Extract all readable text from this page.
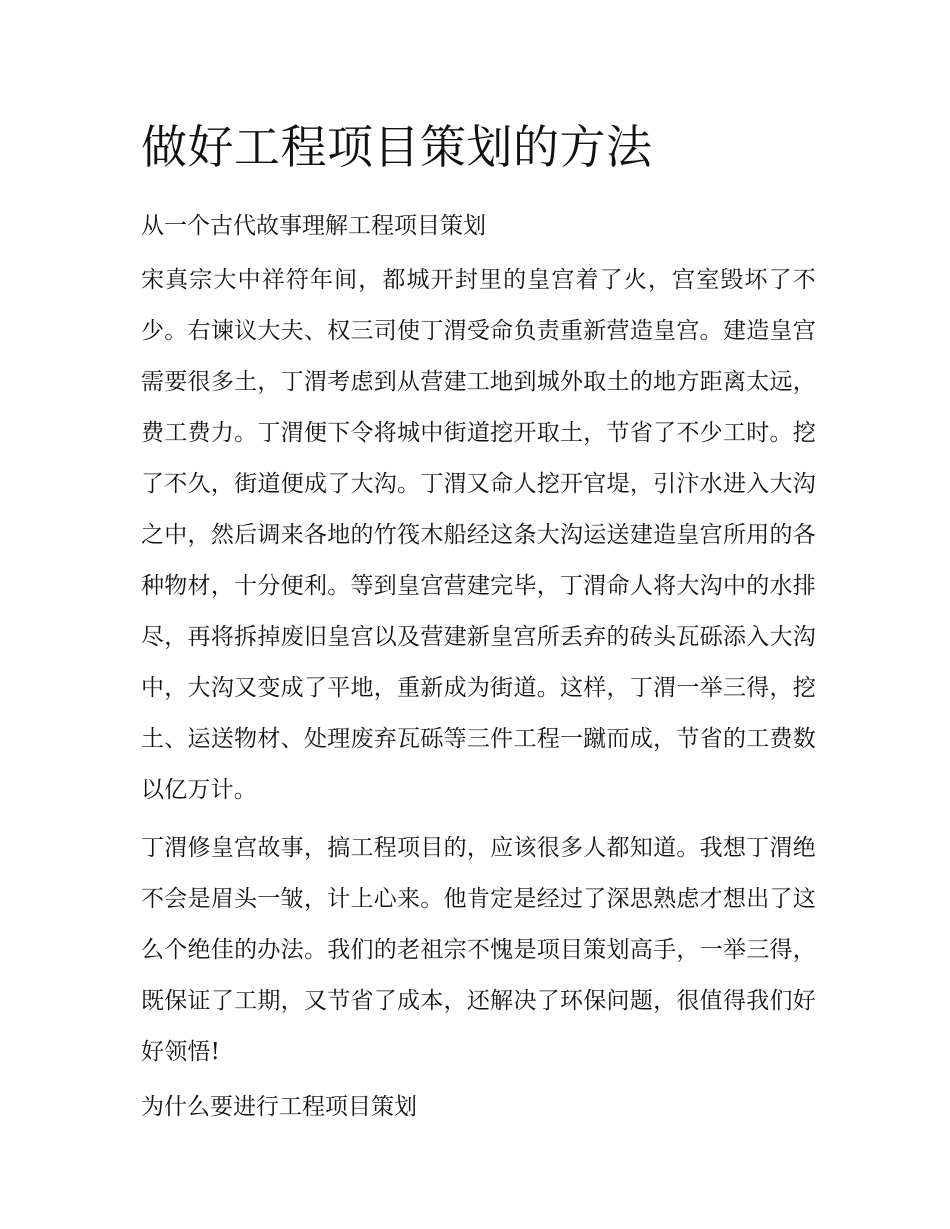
做好工程项目策划的方法
从一个古代故事理解工程项目策划

宋真宗大中祥符年间，都城开封里的皇宫着了火，宫室毁坏了不少。右谏议大夫、权三司使丁渭受命负责重新营造皇宫。建造皇宫需要很多土，丁渭考虑到从营建工地到城外取土的地方距离太远，费工费力。丁渭便下令将城中街道挖开取土，节省了不少工时。挖了不久，街道便成了大沟。丁渭又命人挖开官堤，引汴水进入大沟之中，然后调来各地的竹筏木船经这条大沟运送建造皇宫所用的各种物材，十分便利。等到皇宫营建完毕，丁渭命人将大沟中的水排尽，再将拆掉废旧皇宫以及营建新皇宫所丢弃的砖头瓦砾添入大沟中，大沟又变成了平地，重新成为街道。这样，丁渭一举三得，挖土、运送物材、处理废弃瓦砾等三件工程一蹴而成，节省的工费数以亿万计。

丁渭修皇宫故事，搞工程项目的，应该很多人都知道。我想丁渭绝不会是眉头一皱，计上心来。他肯定是经过了深思熟虑才想出了这么个绝佳的办法。我们的老祖宗不愧是项目策划高手，一举三得，既保证了工期，又节省了成本，还解决了环保问题，很值得我们好好领悟!

为什么要进行工程项目策划
